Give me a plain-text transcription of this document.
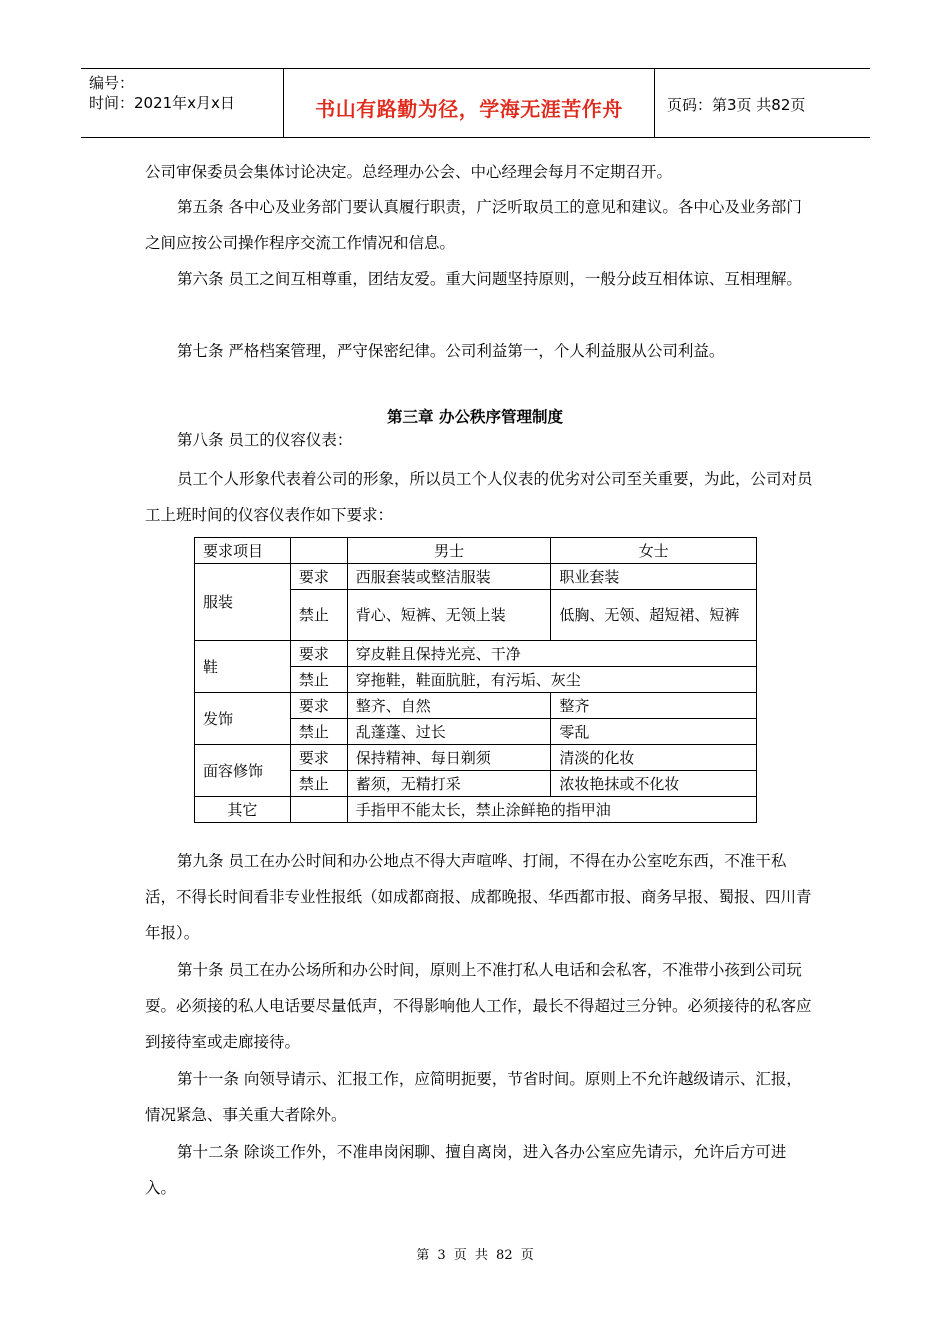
编号：
时间：2021年x月x日	书山有路勤为径，学海无涯苦作舟	页码：第3页 共82页
公司审保委员会集体讨论决定。总经理办公会、中心经理会每月不定期召开。
第五条 各中心及业务部门要认真履行职责，广泛听取员工的意见和建议。各中心及业务部门之间应按公司操作程序交流工作情况和信息。
第六条 员工之间互相尊重，团结友爱。重大问题坚持原则，一般分歧互相体谅、互相理解。
第七条 严格档案管理，严守保密纪律。公司利益第一，个人利益服从公司利益。
第三章 办公秩序管理制度
第八条 员工的仪容仪表：
员工个人形象代表着公司的形象，所以员工个人仪表的优劣对公司至关重要，为此，公司对员工上班时间的仪容仪表作如下要求：
要求项目		男士	女士
服装	要求	西服套装或整洁服装	职业套装
	禁止	背心、短裤、无领上装	低胸、无领、超短裙、短裤
鞋	要求	穿皮鞋且保持光亮、干净	
	禁止	穿拖鞋，鞋面肮脏，有污垢、灰尘	
发饰	要求	整齐、自然	整齐
	禁止	乱蓬蓬、过长	零乱
面容修饰	要求	保持精神、每日剃须	清淡的化妆
	禁止	蓄须，无精打采	浓妆艳抹或不化妆
其它		手指甲不能太长，禁止涂鲜艳的指甲油	
第九条 员工在办公时间和办公地点不得大声喧哗、打闹，不得在办公室吃东西，不准干私活，不得长时间看非专业性报纸（如成都商报、成都晚报、华西都市报、商务早报、蜀报、四川青年报）。
第十条 员工在办公场所和办公时间，原则上不准打私人电话和会私客，不准带小孩到公司玩耍。必须接的私人电话要尽量低声，不得影响他人工作，最长不得超过三分钟。必须接待的私客应到接待室或走廊接待。
第十一条 向领导请示、汇报工作，应简明扼要，节省时间。原则上不允许越级请示、汇报，情况紧急、事关重大者除外。
第十二条 除谈工作外，不准串岗闲聊、擅自离岗，进入各办公室应先请示，允许后方可进入。
第 3 页 共 82 页
